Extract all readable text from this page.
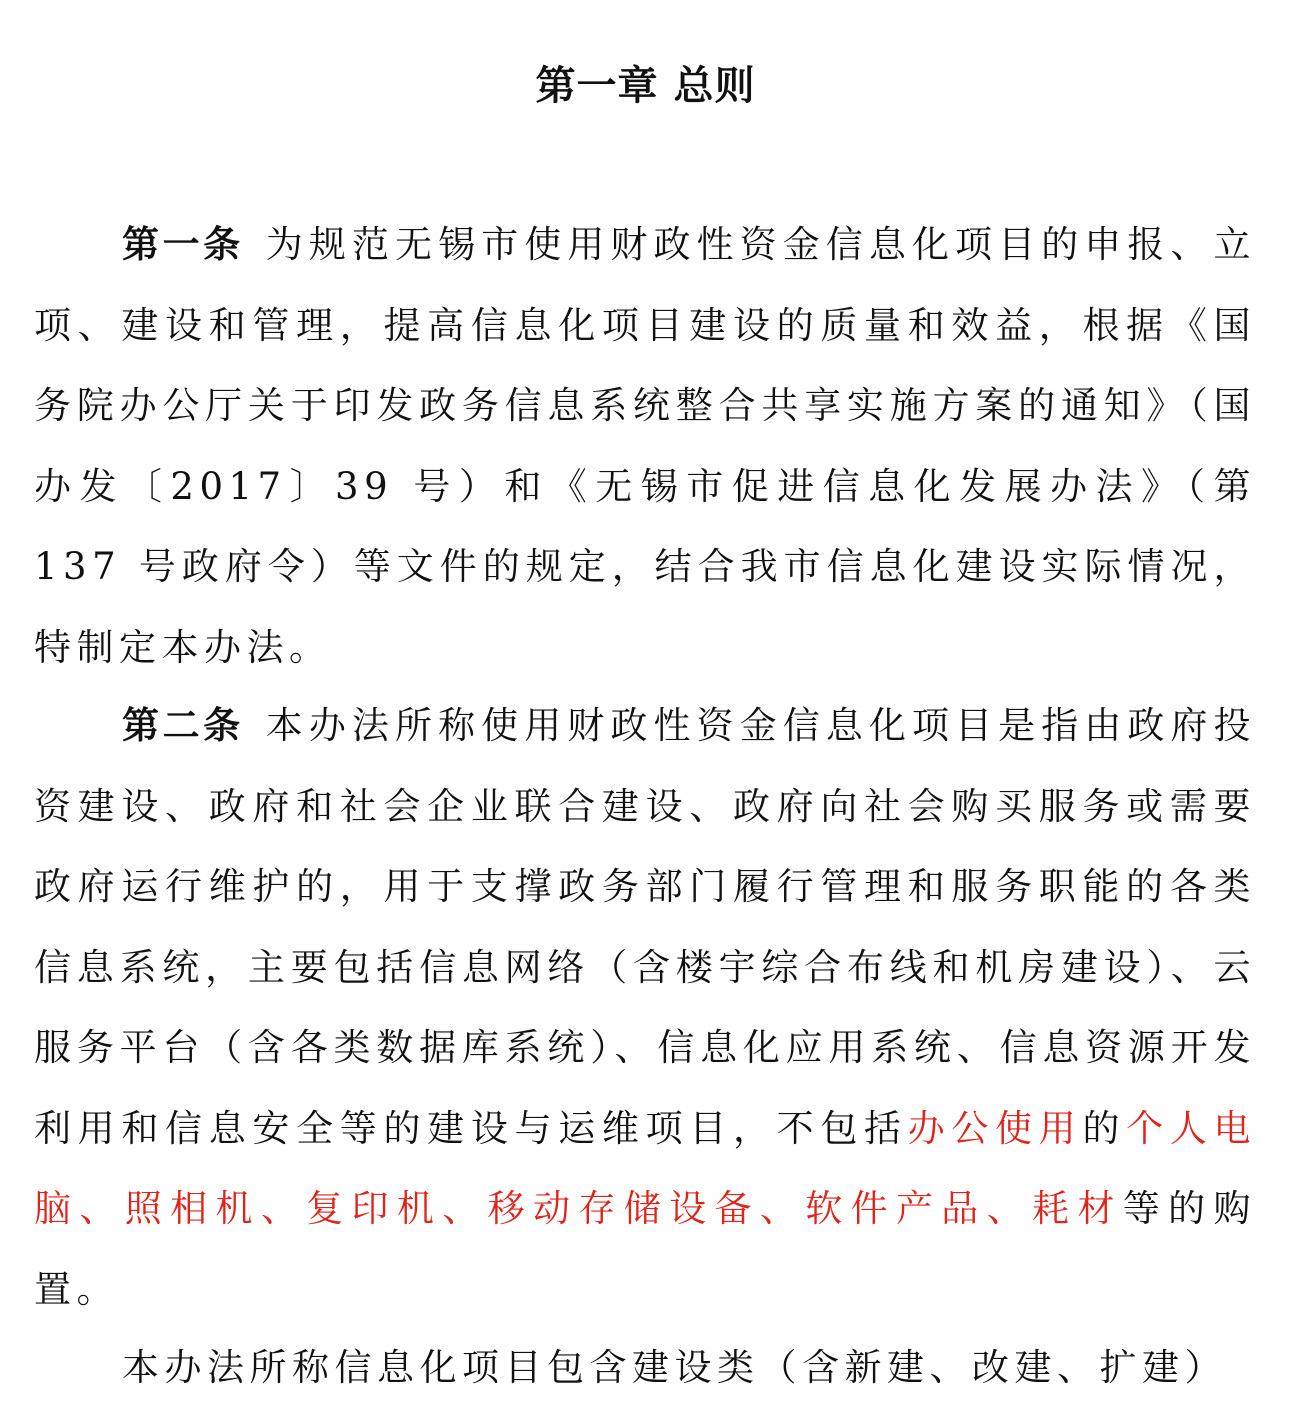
第一章 总则

第一条 为规范无锡市使用财政性资金信息化项目的申报、立项、建设和管理，提高信息化项目建设的质量和效益，根据《国务院办公厅关于印发政务信息系统整合共享实施方案的通知》（国办发〔2017〕39 号）和《无锡市促进信息化发展办法》（第 137 号政府令）等文件的规定，结合我市信息化建设实际情况，特制定本办法。

第二条 本办法所称使用财政性资金信息化项目是指由政府投资建设、政府和社会企业联合建设、政府向社会购买服务或需要政府运行维护的，用于支撑政务部门履行管理和服务职能的各类信息系统，主要包括信息网络（含楼宇综合布线和机房建设）、云服务平台（含各类数据库系统）、信息化应用系统、信息资源开发利用和信息安全等的建设与运维项目，不包括办公使用的个人电脑、照相机、复印机、移动存储设备、软件产品、耗材等的购置。

本办法所称信息化项目包含建设类（含新建、改建、扩建）
